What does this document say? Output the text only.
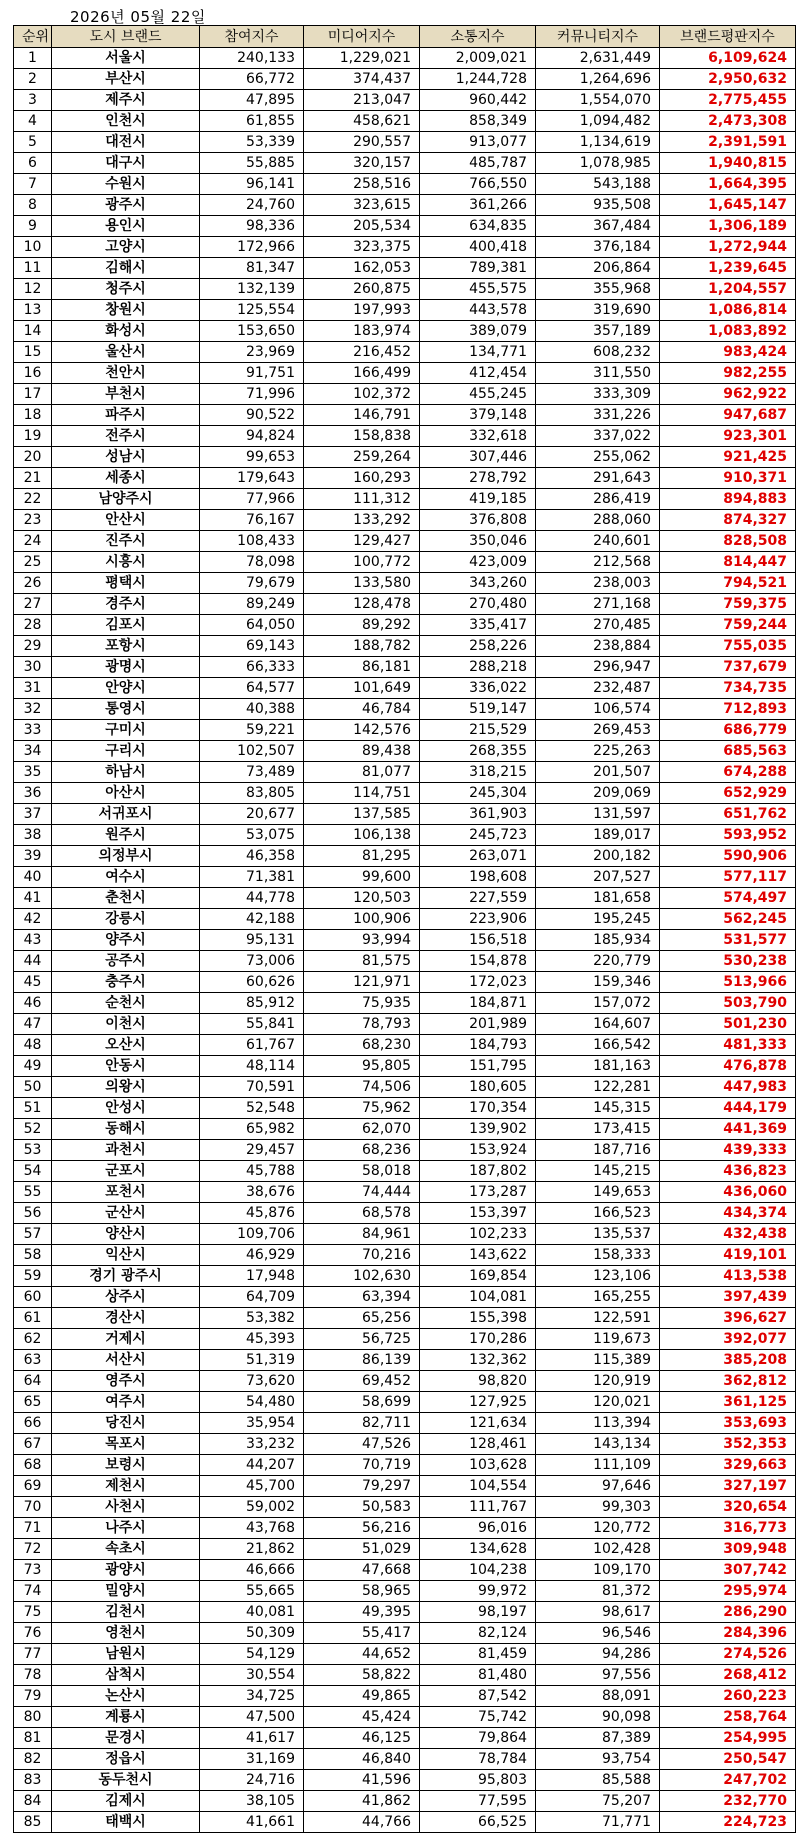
2026년 05월 22일
순위	도시 브랜드	참여지수	미디어지수	소통지수	커뮤니티지수	브랜드평판지수
1	서울시	240,133	1,229,021	2,009,021	2,631,449	6,109,624
2	부산시	66,772	374,437	1,244,728	1,264,696	2,950,632
3	제주시	47,895	213,047	960,442	1,554,070	2,775,455
4	인천시	61,855	458,621	858,349	1,094,482	2,473,308
5	대전시	53,339	290,557	913,077	1,134,619	2,391,591
6	대구시	55,885	320,157	485,787	1,078,985	1,940,815
7	수원시	96,141	258,516	766,550	543,188	1,664,395
8	광주시	24,760	323,615	361,266	935,508	1,645,147
9	용인시	98,336	205,534	634,835	367,484	1,306,189
10	고양시	172,966	323,375	400,418	376,184	1,272,944
11	김해시	81,347	162,053	789,381	206,864	1,239,645
12	청주시	132,139	260,875	455,575	355,968	1,204,557
13	창원시	125,554	197,993	443,578	319,690	1,086,814
14	화성시	153,650	183,974	389,079	357,189	1,083,892
15	울산시	23,969	216,452	134,771	608,232	983,424
16	천안시	91,751	166,499	412,454	311,550	982,255
17	부천시	71,996	102,372	455,245	333,309	962,922
18	파주시	90,522	146,791	379,148	331,226	947,687
19	전주시	94,824	158,838	332,618	337,022	923,301
20	성남시	99,653	259,264	307,446	255,062	921,425
21	세종시	179,643	160,293	278,792	291,643	910,371
22	남양주시	77,966	111,312	419,185	286,419	894,883
23	안산시	76,167	133,292	376,808	288,060	874,327
24	진주시	108,433	129,427	350,046	240,601	828,508
25	시흥시	78,098	100,772	423,009	212,568	814,447
26	평택시	79,679	133,580	343,260	238,003	794,521
27	경주시	89,249	128,478	270,480	271,168	759,375
28	김포시	64,050	89,292	335,417	270,485	759,244
29	포항시	69,143	188,782	258,226	238,884	755,035
30	광명시	66,333	86,181	288,218	296,947	737,679
31	안양시	64,577	101,649	336,022	232,487	734,735
32	통영시	40,388	46,784	519,147	106,574	712,893
33	구미시	59,221	142,576	215,529	269,453	686,779
34	구리시	102,507	89,438	268,355	225,263	685,563
35	하남시	73,489	81,077	318,215	201,507	674,288
36	아산시	83,805	114,751	245,304	209,069	652,929
37	서귀포시	20,677	137,585	361,903	131,597	651,762
38	원주시	53,075	106,138	245,723	189,017	593,952
39	의정부시	46,358	81,295	263,071	200,182	590,906
40	여수시	71,381	99,600	198,608	207,527	577,117
41	춘천시	44,778	120,503	227,559	181,658	574,497
42	강릉시	42,188	100,906	223,906	195,245	562,245
43	양주시	95,131	93,994	156,518	185,934	531,577
44	공주시	73,006	81,575	154,878	220,779	530,238
45	충주시	60,626	121,971	172,023	159,346	513,966
46	순천시	85,912	75,935	184,871	157,072	503,790
47	이천시	55,841	78,793	201,989	164,607	501,230
48	오산시	61,767	68,230	184,793	166,542	481,333
49	안동시	48,114	95,805	151,795	181,163	476,878
50	의왕시	70,591	74,506	180,605	122,281	447,983
51	안성시	52,548	75,962	170,354	145,315	444,179
52	동해시	65,982	62,070	139,902	173,415	441,369
53	과천시	29,457	68,236	153,924	187,716	439,333
54	군포시	45,788	58,018	187,802	145,215	436,823
55	포천시	38,676	74,444	173,287	149,653	436,060
56	군산시	45,876	68,578	153,397	166,523	434,374
57	양산시	109,706	84,961	102,233	135,537	432,438
58	익산시	46,929	70,216	143,622	158,333	419,101
59	경기 광주시	17,948	102,630	169,854	123,106	413,538
60	상주시	64,709	63,394	104,081	165,255	397,439
61	경산시	53,382	65,256	155,398	122,591	396,627
62	거제시	45,393	56,725	170,286	119,673	392,077
63	서산시	51,319	86,139	132,362	115,389	385,208
64	영주시	73,620	69,452	98,820	120,919	362,812
65	여주시	54,480	58,699	127,925	120,021	361,125
66	당진시	35,954	82,711	121,634	113,394	353,693
67	목포시	33,232	47,526	128,461	143,134	352,353
68	보령시	44,207	70,719	103,628	111,109	329,663
69	제천시	45,700	79,297	104,554	97,646	327,197
70	사천시	59,002	50,583	111,767	99,303	320,654
71	나주시	43,768	56,216	96,016	120,772	316,773
72	속초시	21,862	51,029	134,628	102,428	309,948
73	광양시	46,666	47,668	104,238	109,170	307,742
74	밀양시	55,665	58,965	99,972	81,372	295,974
75	김천시	40,081	49,395	98,197	98,617	286,290
76	영천시	50,309	55,417	82,124	96,546	284,396
77	남원시	54,129	44,652	81,459	94,286	274,526
78	삼척시	30,554	58,822	81,480	97,556	268,412
79	논산시	34,725	49,865	87,542	88,091	260,223
80	계룡시	47,500	45,424	75,742	90,098	258,764
81	문경시	41,617	46,125	79,864	87,389	254,995
82	정읍시	31,169	46,840	78,784	93,754	250,547
83	동두천시	24,716	41,596	95,803	85,588	247,702
84	김제시	38,105	41,862	77,595	75,207	232,770
85	태백시	41,661	44,766	66,525	71,771	224,723
